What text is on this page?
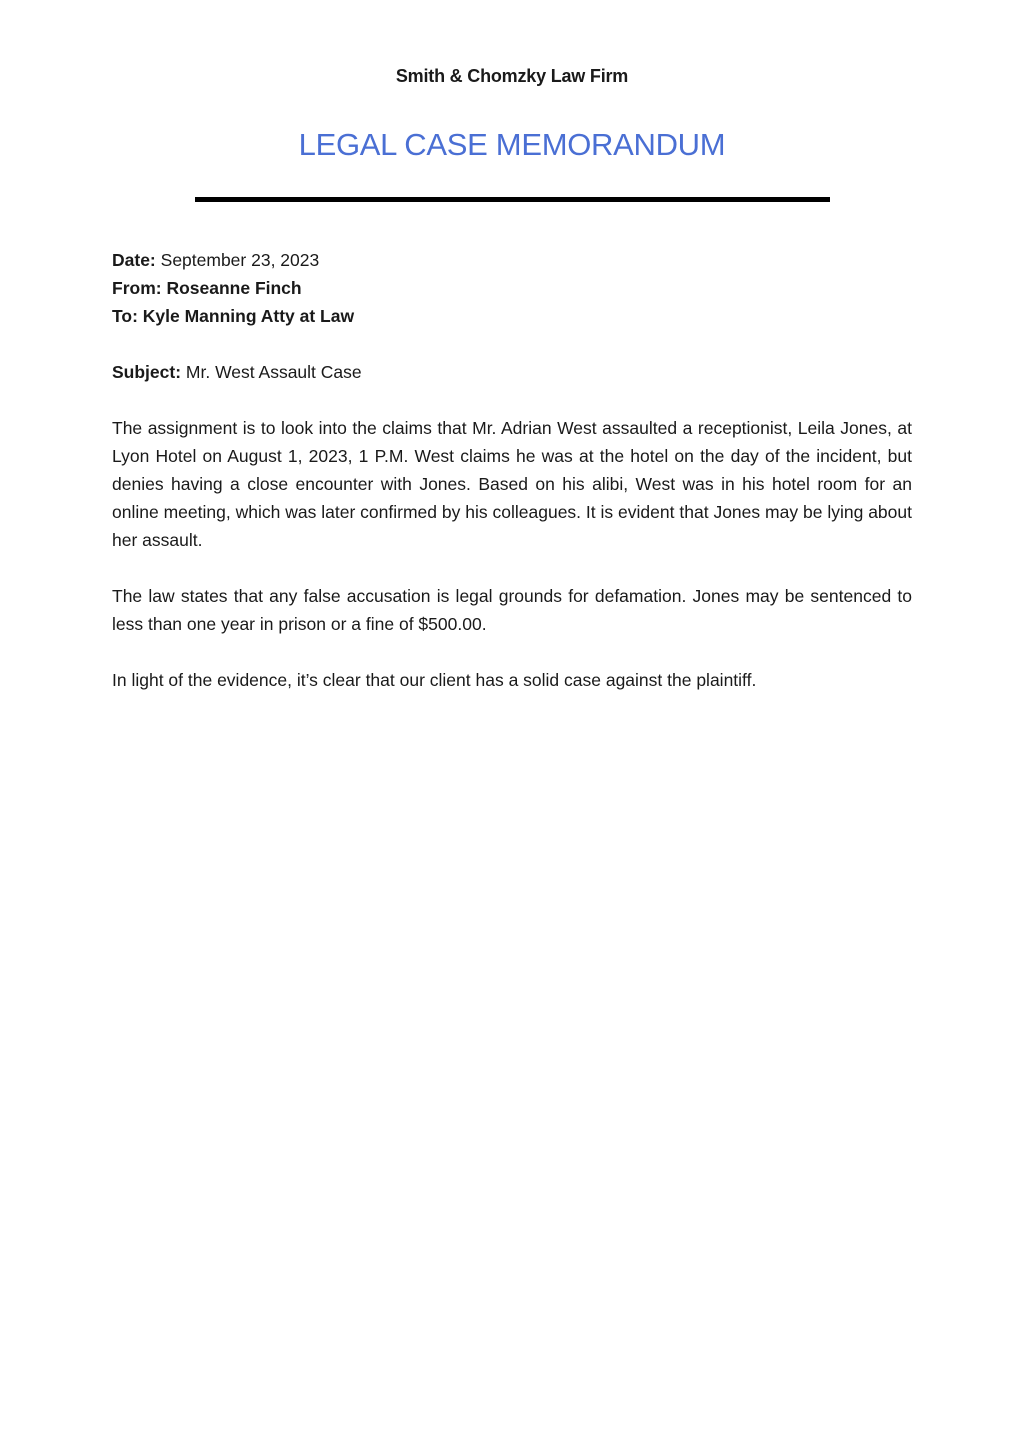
Smith & Chomzky Law Firm
LEGAL CASE MEMORANDUM

Date: September 23, 2023

From: Roseanne Finch

To: Kyle Manning Atty at Law

Subject: Mr. West Assault Case

The assignment is to look into the claims that Mr. Adrian West assaulted a receptionist, Leila Jones, at Lyon Hotel on August 1, 2023, 1 P.M. West claims he was at the hotel on the day of the incident, but denies having a close encounter with Jones. Based on his alibi, West was in his hotel room for an online meeting, which was later confirmed by his colleagues. It is evident that Jones may be lying about her assault.

The law states that any false accusation is legal grounds for defamation. Jones may be sentenced to less than one year in prison or a fine of $500.00.

In light of the evidence, it’s clear that our client has a solid case against the plaintiff.
